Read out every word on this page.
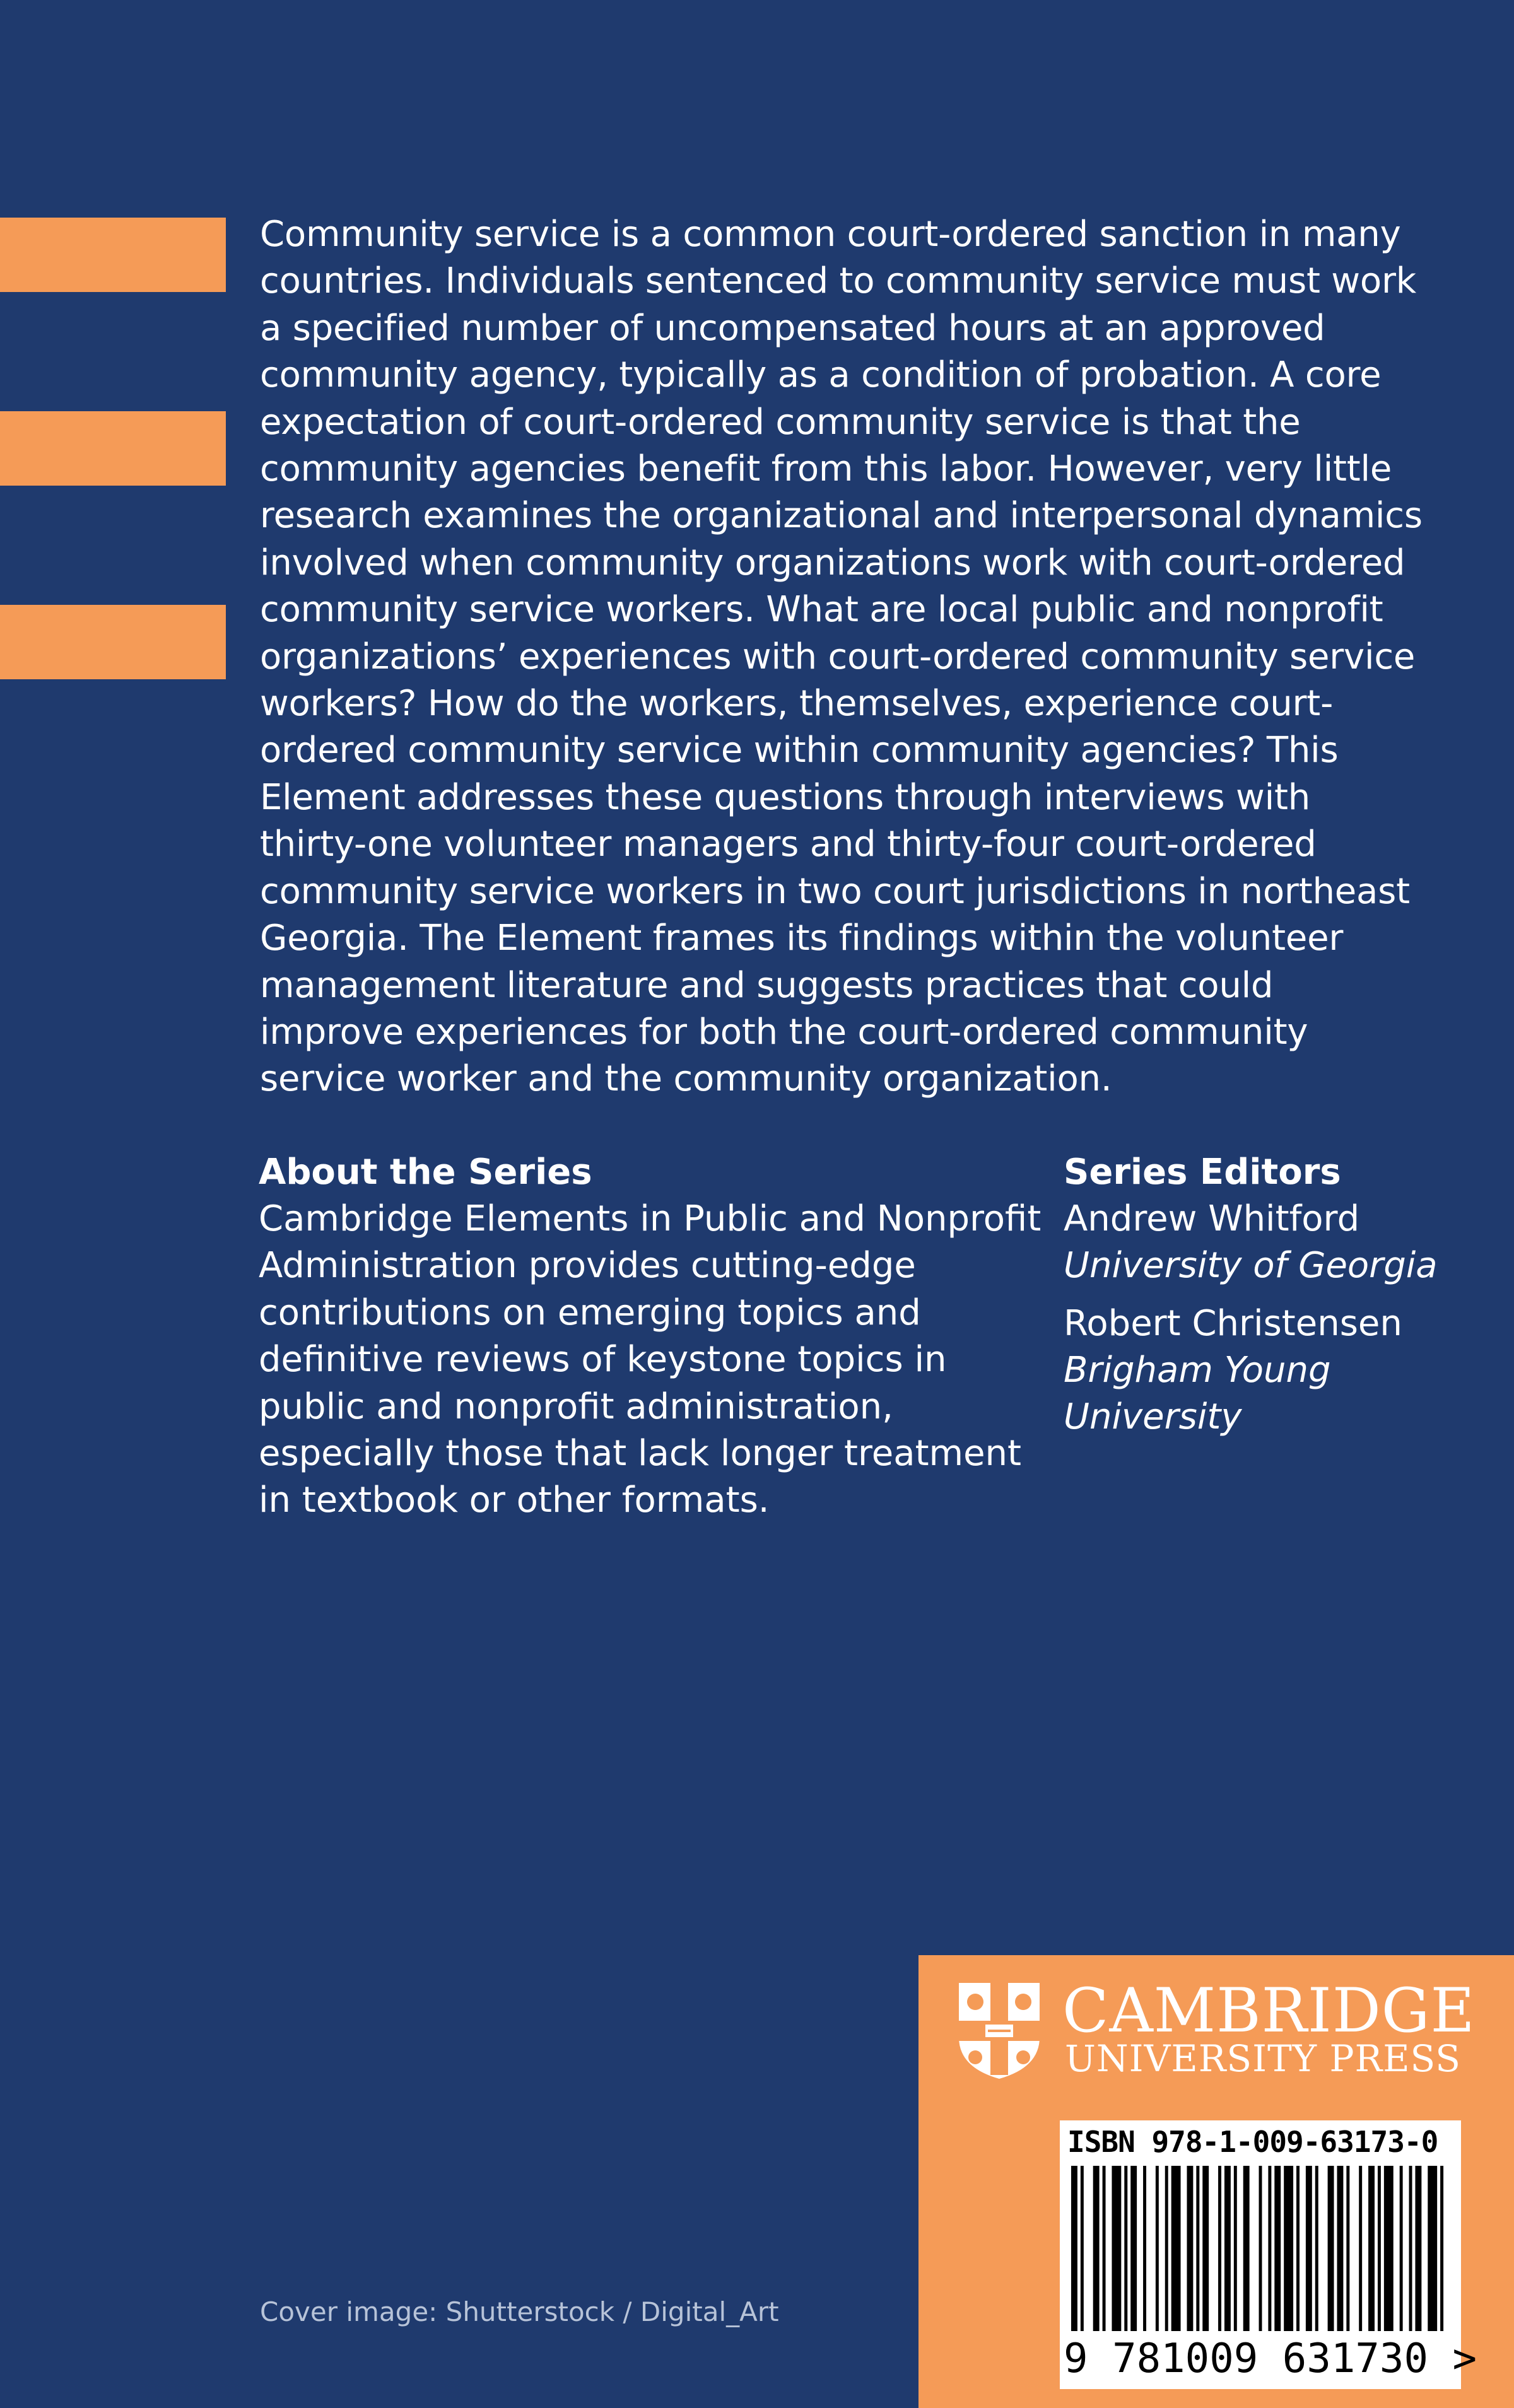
Community service is a common court-ordered sanction in many countries. Individuals sentenced to community service must work a specified number of uncompensated hours at an approved community agency, typically as a condition of probation. A core expectation of court-ordered community service is that the community agencies benefit from this labor. However, very little research examines the organizational and interpersonal dynamics involved when community organizations work with court-ordered community service workers. What are local public and nonprofit organizations’ experiences with court-ordered community service workers? How do the workers, themselves, experience court-ordered community service within community agencies? This Element addresses these questions through interviews with thirty-one volunteer managers and thirty-four court-ordered community service workers in two court jurisdictions in northeast Georgia. The Element frames its findings within the volunteer management literature and suggests practices that could improve experiences for both the court-ordered community service worker and the community organization.

About the Series

Cambridge Elements in Public and Nonprofit Administration provides cutting-edge contributions on emerging topics and definitive reviews of keystone topics in public and nonprofit administration, especially those that lack longer treatment in textbook or other formats.

Series Editors

Andrew Whitford

University of Georgia

Robert Christensen

Brigham Young University

Cover image: Shutterstock / Digital_Art
CAMBRIDGE
UNIVERSITY PRESS
ISBN 978-1-009-63173-0
9 781009 631730 >
